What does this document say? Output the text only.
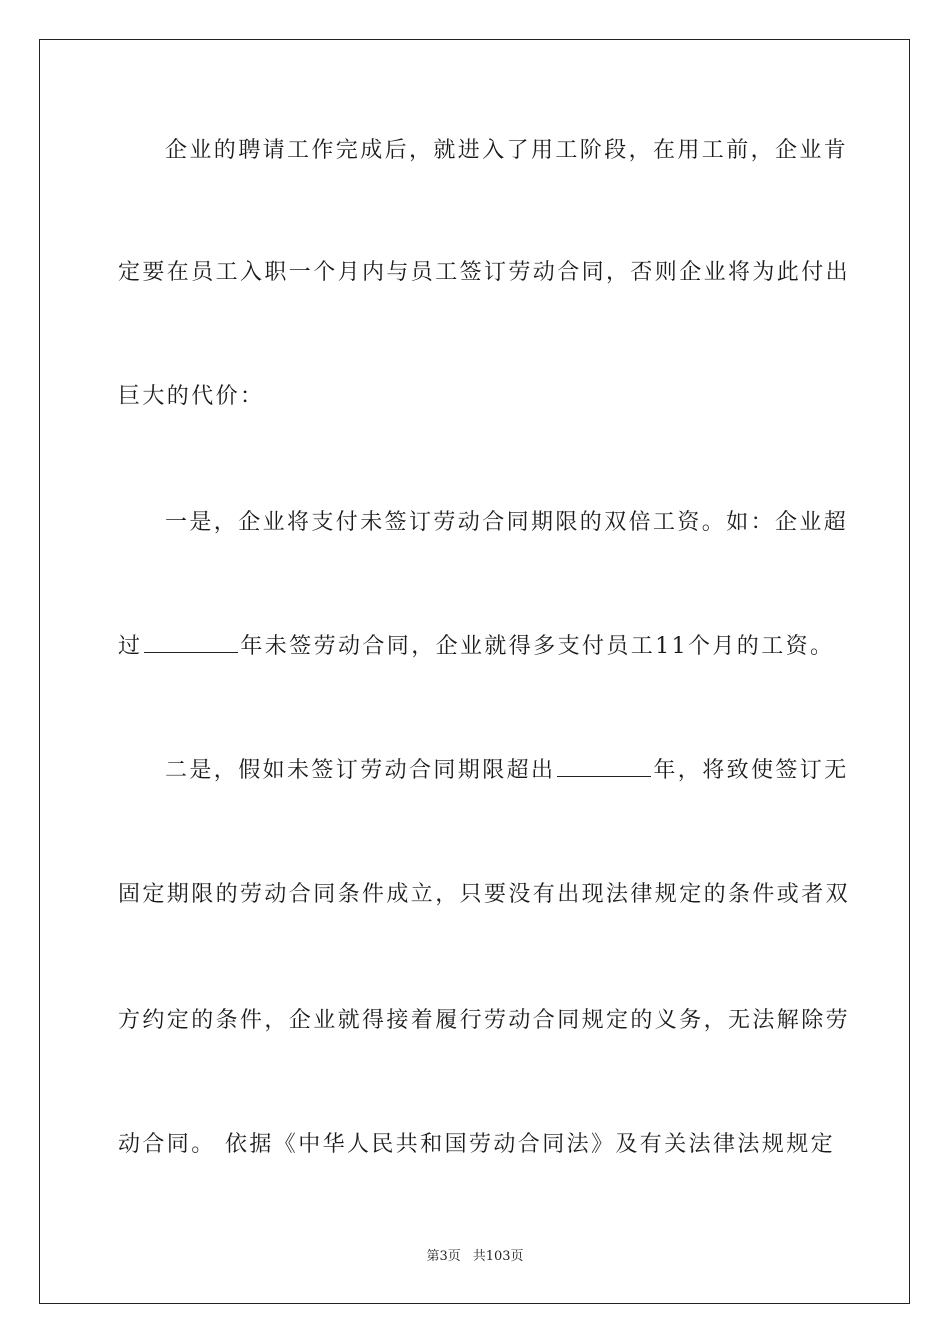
企业的聘请工作完成后，就进入了用工阶段，在用工前，企业肯
定要在员工入职一个月内与员工签订劳动合同，否则企业将为此付出
巨大的代价：
一是，企业将支付未签订劳动合同期限的双倍工资。如：企业超
过	年未签劳动合同，企业就得多支付员工11个月的工资。
二是，假如未签订劳动合同期限超出	年，将致使签订无
固定期限的劳动合同条件成立，只要没有出现法律规定的条件或者双
方约定的条件，企业就得接着履行劳动合同规定的义务，无法解除劳
动合同。 依据《中华人民共和国劳动合同法》及有关法律法规规定
第3页 共103页
